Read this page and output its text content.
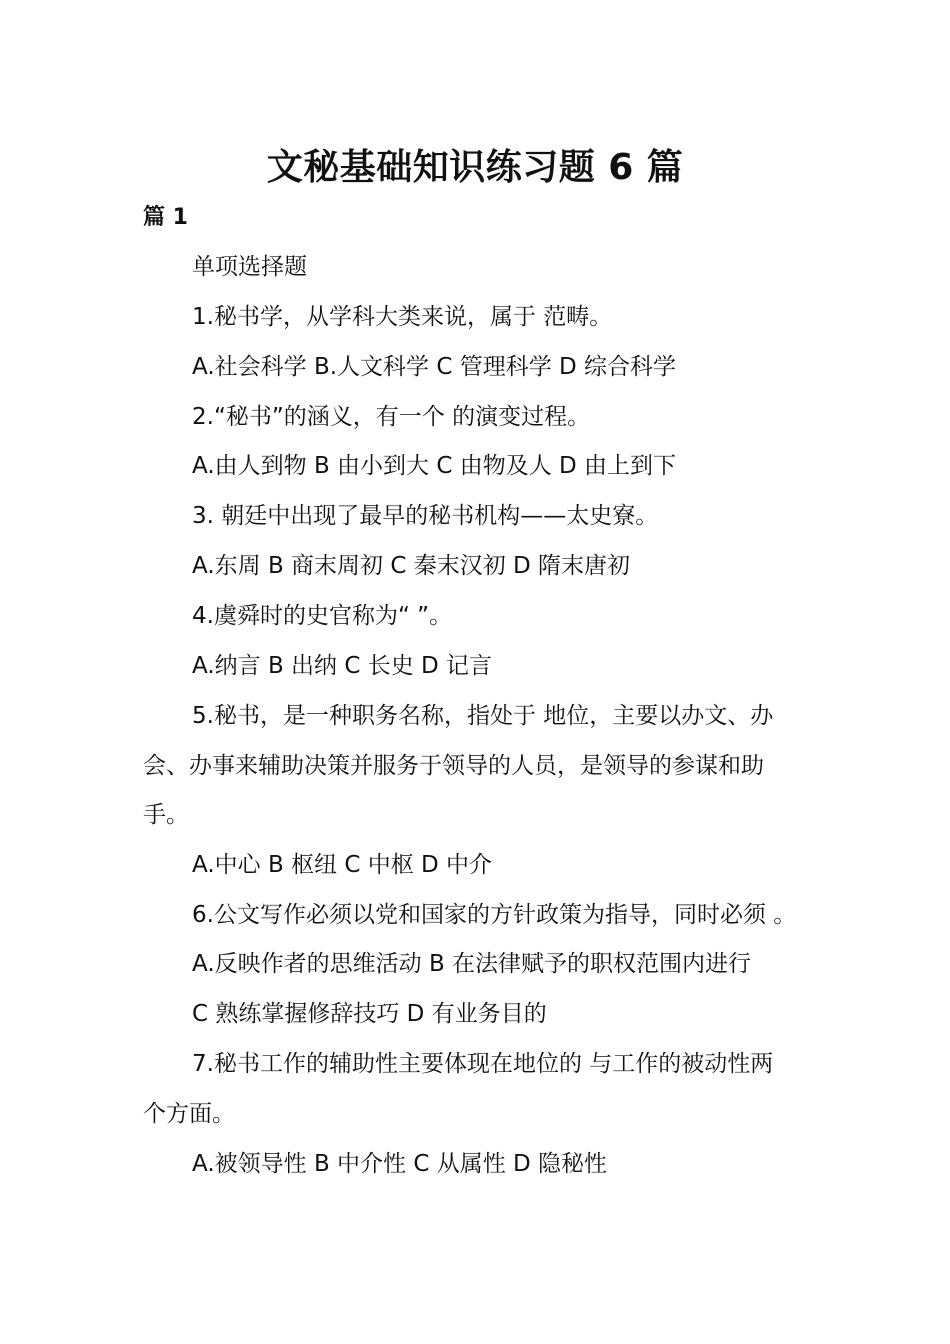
文秘基础知识练习题 6 篇
篇 1
单项选择题
1.秘书学，从学科大类来说，属于 范畴。
A.社会科学 B.人文科学 C 管理科学 D 综合科学
2.“秘书”的涵义，有一个 的演变过程。
A.由人到物 B 由小到大 C 由物及人 D 由上到下
3. 朝廷中出现了最早的秘书机构——太史寮。
A.东周 B 商末周初 C 秦末汉初 D 隋末唐初
4.虞舜时的史官称为“ ”。
A.纳言 B 出纳 C 长史 D 记言
5.秘书，是一种职务名称，指处于 地位，主要以办文、办
会、办事来辅助决策并服务于领导的人员，是领导的参谋和助
手。
A.中心 B 枢纽 C 中枢 D 中介
6.公文写作必须以党和国家的方针政策为指导，同时必须 。
A.反映作者的思维活动 B 在法律赋予的职权范围内进行
C 熟练掌握修辞技巧 D 有业务目的
7.秘书工作的辅助性主要体现在地位的 与工作的被动性两
个方面。
A.被领导性 B 中介性 C 从属性 D 隐秘性
